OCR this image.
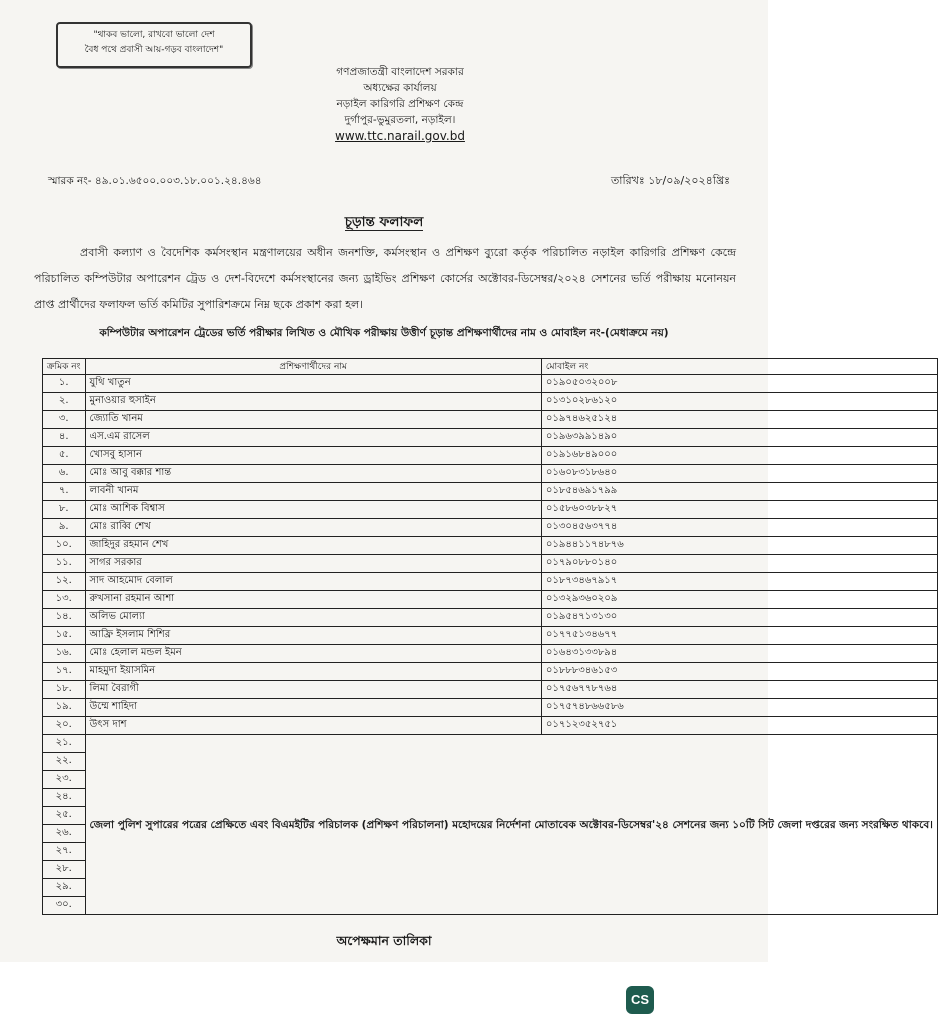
"থাকব ভালো, রাখবো ভালো দেশ
বৈধ পথে প্রবাসী আয়-গড়ব বাংলাদেশ"
গণপ্রজাতন্ত্রী বাংলাদেশ সরকার
অধ্যক্ষের কার্যালয়
নড়াইল কারিগরি প্রশিক্ষণ কেন্দ্র
দুর্গাপুর-ভুমুরতলা, নড়াইল।
www.ttc.narail.gov.bd
স্মারক নং- ৪৯.০১.৬৫০০.০০৩.১৮.০০১.২৪.৪৬৪	তারিখঃ ১৮/০৯/২০২৪খ্রিঃ
চূড়ান্ত ফলাফল
প্রবাসী কল্যাণ ও বৈদেশিক কর্মসংস্থান মন্ত্রণালয়ের অধীন জনশক্তি, কর্মসংস্থান ও প্রশিক্ষণ ব্যুরো কর্তৃক পরিচালিত নড়াইল কারিগরি প্রশিক্ষণ কেন্দ্রে পরিচালিত কম্পিউটার অপারেশন ট্রেড ও দেশ-বিদেশে কর্মসংস্থানের জন্য ড্রাইভিং প্রশিক্ষণ কোর্সের অক্টোবর-ডিসেম্বর/২০২৪ সেশনের ভর্তি পরীক্ষায় মনোনয়ন প্রাপ্ত প্রার্থীদের ফলাফল ভর্তি কমিটির সুপারিশক্রমে নিম্ন ছকে প্রকাশ করা হল।
কম্পিউটার অপারেশন ট্রেডের ভর্তি পরীক্ষার লিখিত ও মৌখিক পরীক্ষায় উত্তীর্ণ চূড়ান্ত প্রশিক্ষণার্থীদের নাম ও মোবাইল নং-(মেধাক্রমে নয়)
ক্রমিক নং	প্রশিক্ষণার্থীদের নাম	মোবাইল নং
১.	যুথি খাতুন	০১৯০৫০৩২০০৮
২.	মুনাওয়ার হুসাইন	০১৩১০২৮৬১২০
৩.	জ্যোতি খানম	০১৯৭৪৬২৫১২৪
৪.	এস.এম রাসেল	০১৯৬৩৯৯১৪৯০
৫.	খোসবু হাসান	০১৯১৬৮৪৯০০০
৬.	মোঃ আবু বক্কার শান্ত	০১৬০৮৩১৮৬৪০
৭.	লাবনী খানম	০১৮৫৪৬৯১৭৯৯
৮.	মোঃ আশিক বিশ্বাস	০১৫৮৬০৩৮৮২৭
৯.	মোঃ রাব্বি শেখ	০১৩০৪৫৬৩৭৭৪
১০.	জাহিদুর রহমান শেখ	০১৯৪৪১১৭৪৮৭৬
১১.	সাগর সরকার	০১৭৯০৮৮০১৪০
১২.	সাদ আহমোদ বেলাল	০১৮৭৩৪৬৭৯১৭
১৩.	রুখসানা রহমান আশা	০১৩২৯৩৬০২০৯
১৪.	অলিভ মোল্যা	০১৯৫৪৭১৩১৩০
১৫.	আফ্রি ইসলাম শিশির	০১৭৭৫১৩৪৬৭৭
১৬.	মোঃ হেলাল মন্ডল ইমন	০১৬৪৩১৩৩৮৯৪
১৭.	মাহমুদা ইয়াসমিন	০১৮৮৮৩৪৬১৫৩
১৮.	লিমা বৈরাগী	০১৭৫৬৭৭৮৭৬৪
১৯.	উম্মে শাহিদা	০১৭৫৭৪৮৬৬৫৮৬
২০.	উৎস দাশ	০১৭১২৩৫২৭৫১
২১.	জেলা পুলিশ সুপারের পত্রের প্রেক্ষিতে এবং বিএমইটির পরিচালক (প্রশিক্ষণ পরিচালনা) মহোদয়ের নির্দেশনা মোতাবেক অক্টোবর-ডিসেম্বর'২৪ সেশনের জন্য ১০টি সিট জেলা দপ্তরের জন্য সংরক্ষিত থাকবে।	
২২.		
২৩.		
২৪.		
২৫.		
২৬.		
২৭.		
২৮.		
২৯.		
৩০.		
অপেক্ষমান তালিকা
CS
